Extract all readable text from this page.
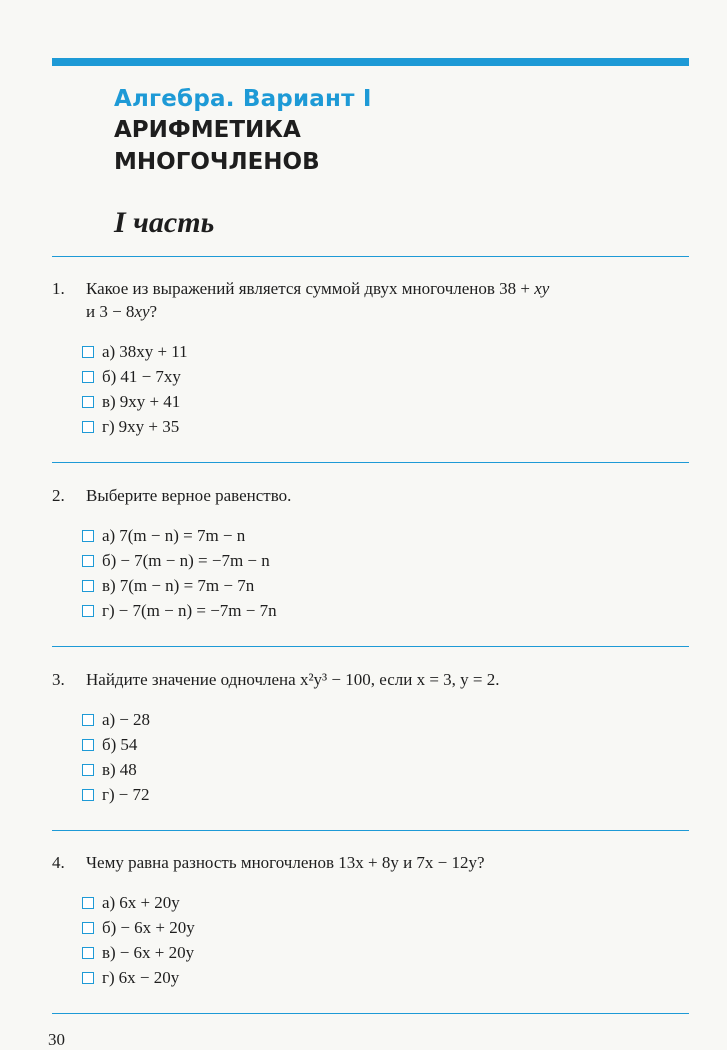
Алгебра. Вариант I
АРИФМЕТИКА
МНОГОЧЛЕНОВ
I часть
1. Какое из выражений является суммой двух многочленов 38 + xy
и 3 − 8xy?
а) 38xy + 11
б) 41 − 7xy
в) 9xy + 41
г) 9xy + 35
2. Выберите верное равенство.
а) 7(m − n) = 7m − n
б) − 7(m − n) = −7m − n
в) 7(m − n) = 7m − 7n
г) − 7(m − n) = −7m − 7n
3. Найдите значение одночлена x²y³ − 100, если x = 3, y = 2.
а) − 28
б) 54
в) 48
г) − 72
4. Чему равна разность многочленов 13x + 8y и 7x − 12y?
а) 6x + 20y
б) − 6x + 20y
в) − 6x + 20y
г) 6x − 20y
30
